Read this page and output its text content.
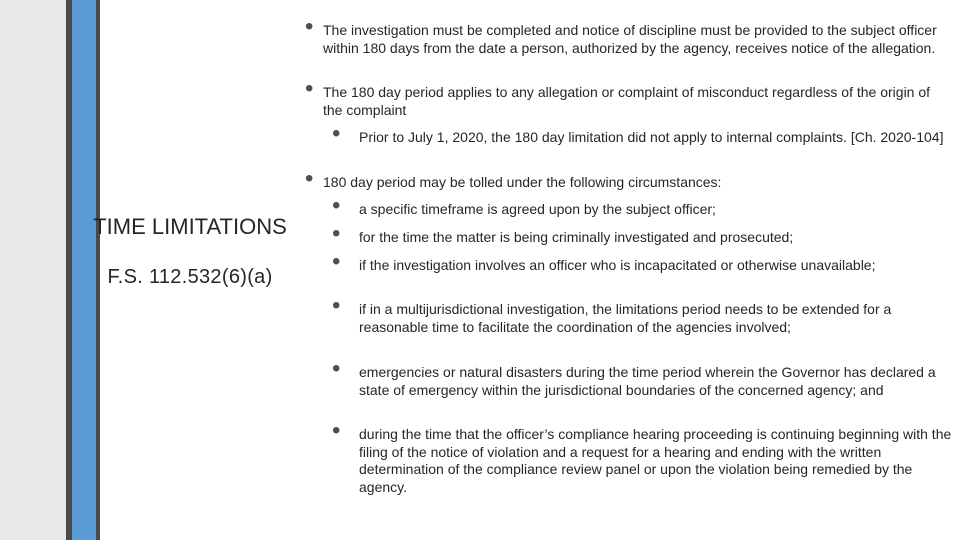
TIME LIMITATIONS
F.S. 112.532(6)(a)
• The investigation must be completed and notice of discipline must be provided to the subject officer within 180 days from the date a person, authorized by the agency, receives notice of the allegation.
• The 180 day period applies to any allegation or complaint of misconduct regardless of the origin of the complaint
• Prior to July 1, 2020, the 180 day limitation did not apply to internal complaints. [Ch. 2020-104]
• 180 day period may be tolled under the following circumstances:
• a specific timeframe is agreed upon by the subject officer;
• for the time the matter is being criminally investigated and prosecuted;
• if the investigation involves an officer who is incapacitated or otherwise unavailable;
• if in a multijurisdictional investigation, the limitations period needs to be extended for a reasonable time to facilitate the coordination of the agencies involved;
• emergencies or natural disasters during the time period wherein the Governor has declared a state of emergency within the jurisdictional boundaries of the concerned agency; and
• during the time that the officer’s compliance hearing proceeding is continuing beginning with the filing of the notice of violation and a request for a hearing and ending with the written determination of the compliance review panel or upon the violation being remedied by the agency.
